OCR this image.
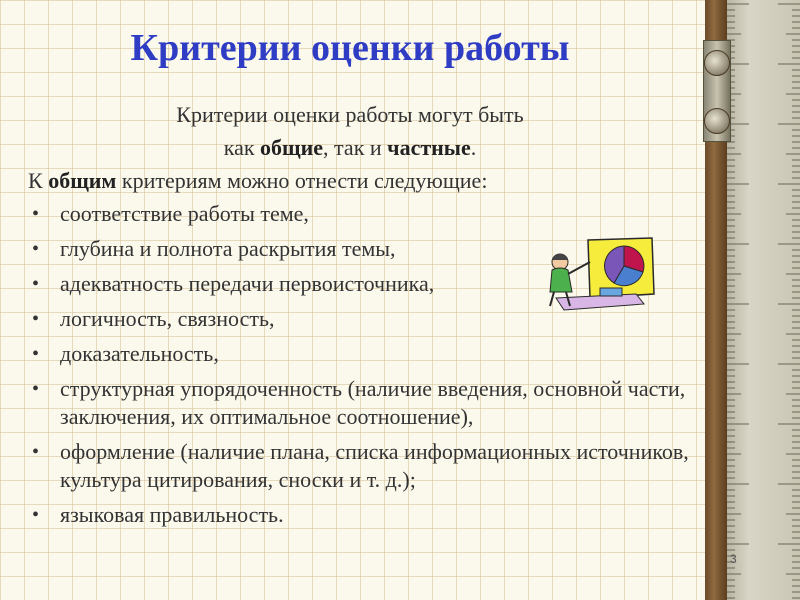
Критерии оценки работы
Критерии оценки работы могут быть
как общие, так и частные.
К общим критериям можно отнести следующие:
• соответствие работы теме,
• глубина и полнота раскрытия темы,
• адекватность передачи первоисточника,
• логичность, связность,
• доказательность,
• структурная упорядоченность (наличие введения, основной части, заключения, их оптимальное соотношение),
• оформление (наличие плана, списка информационных источников, культура цитирования, сноски и т. д.);
• языковая правильность.
3
